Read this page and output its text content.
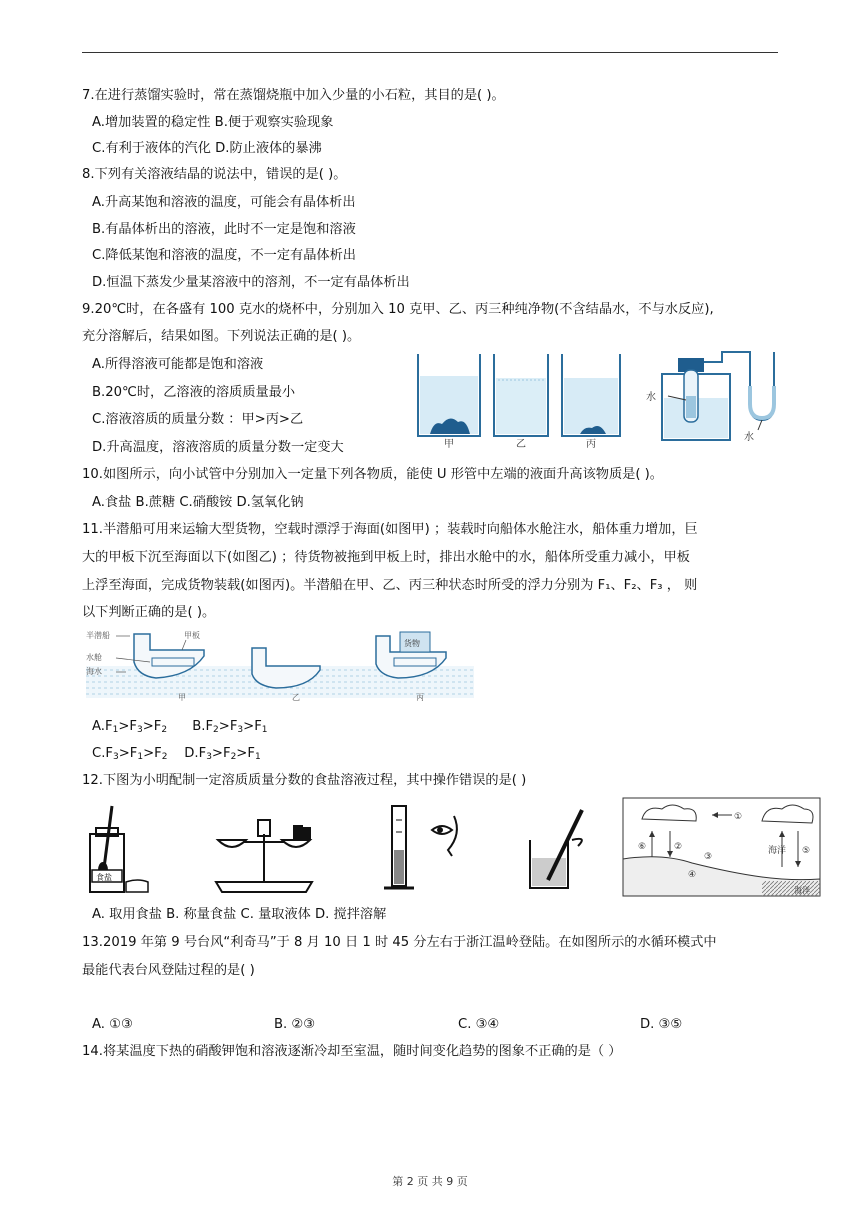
7.在进行蒸馏实验时，常在蒸馏烧瓶中加入少量的小石粒，其目的是( )。
A.增加装置的稳定性 B.便于观察实验现象
C.有利于液体的汽化 D.防止液体的暴沸
8.下列有关溶液结晶的说法中，错误的是( )。
A.升高某饱和溶液的温度，可能会有晶体析出
B.有晶体析出的溶液，此时不一定是饱和溶液
C.降低某饱和溶液的温度，不一定有晶体析出
D.恒温下蒸发少量某溶液中的溶剂，不一定有晶体析出
9.20℃时，在各盛有 100 克水的烧杯中，分别加入 10 克甲、乙、丙三种纯净物(不含结晶水，不与水反应),
充分溶解后，结果如图。下列说法正确的是( )。
A.所得溶液可能都是饱和溶液
B.20℃时，乙溶液的溶质质量最小
C.溶液溶质的质量分数 ：甲>丙>乙
D.升高温度，溶液溶质的质量分数一定变大	甲	乙	丙
水
水
10.如图所示，向小试管中分别加入一定量下列各物质，能使 U 形管中左端的液面升高该物质是( )。
A.食盐 B.蔗糖 C.硝酸铵 D.氢氧化钠
11.半潜船可用来运输大型货物，空载时漂浮于海面(如图甲) ；装载时向船体水舱注水，船体重力增加，巨
大的甲板下沉至海面以下(如图乙) ；待货物被拖到甲板上时，排出水舱中的水，船体所受重力减小，甲板
上浮至海面，完成货物装载(如图丙)。半潜船在甲、乙、丙三种状态时所受的浮力分别为 F₁、F₂、F₃ ， 则
以下判断正确的是( )。
半潜船	甲板
水舱
海水
甲	乙
货物
丙
$A.F_1>F_3>F_2$      $B.F_2>F_3>F_1$
$C.F_3>F_1>F_2$    $D.F_3>F_2>F_1$
12.下图为小明配制一定溶质质量分数的食盐溶液过程，其中操作错误的是( )
食盐
①
⑥	②
③
④
海洋 ⑤
海洋
A. 取用食盐 B. 称量食盐 C. 量取液体 D. 搅拌溶解
13.2019 年第 9 号台风“利奇马”于 8 月 10 日 1 时 45 分左右于浙江温岭登陆。在如图所示的水循环模式中
最能代表台风登陆过程的是( )
A. ①③	B. ②③	C. ③④	D. ③⑤
14.将某温度下热的硝酸钾饱和溶液逐渐冷却至室温，随时间变化趋势的图象不正确的是（ ）
第 2 页 共 9 页
